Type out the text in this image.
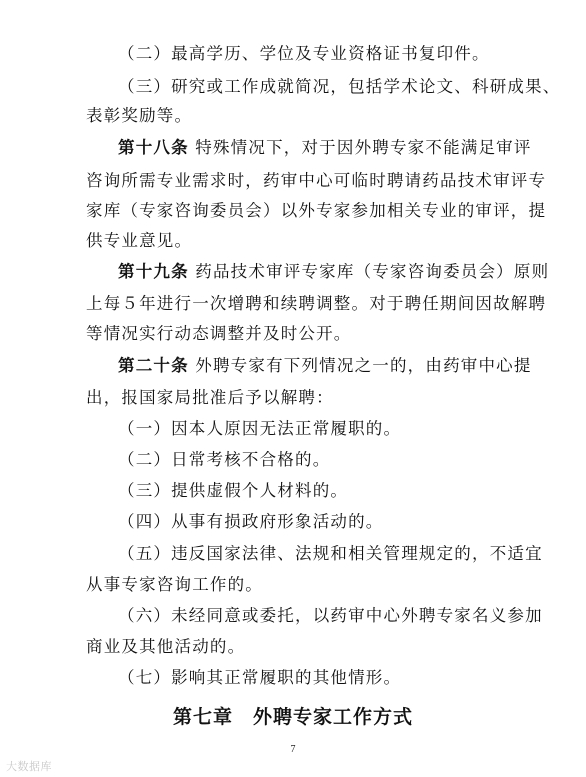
（二）最高学历、学位及专业资格证书复印件。
（三）研究或工作成就简况，包括学术论文、科研成果、
表彰奖励等。
第十八条 特殊情况下，对于因外聘专家不能满足审评
咨询所需专业需求时，药审中心可临时聘请药品技术审评专
家库（专家咨询委员会）以外专家参加相关专业的审评，提
供专业意见。
第十九条 药品技术审评专家库（专家咨询委员会）原则
上每５年进行一次增聘和续聘调整。对于聘任期间因故解聘
等情况实行动态调整并及时公开。
第二十条 外聘专家有下列情况之一的，由药审中心提
出，报国家局批准后予以解聘：
（一）因本人原因无法正常履职的。
（二）日常考核不合格的。
（三）提供虚假个人材料的。
（四）从事有损政府形象活动的。
（五）违反国家法律、法规和相关管理规定的，不适宜
从事专家咨询工作的。
（六）未经同意或委托，以药审中心外聘专家名义参加
商业及其他活动的。
（七）影响其正常履职的其他情形。
第七章　外聘专家工作方式
7
大数据库
